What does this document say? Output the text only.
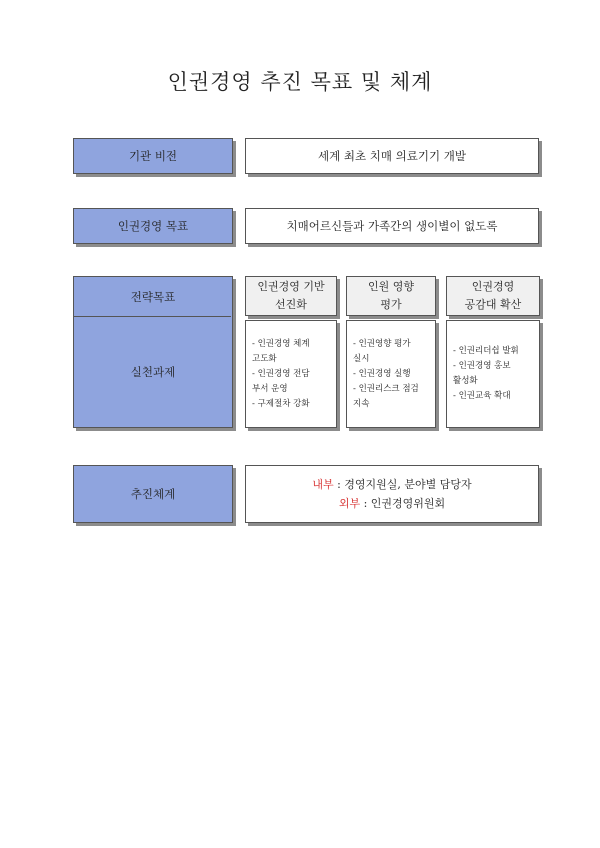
인권경영 추진 목표 및 체계
기관 비전	세계 최초 치매 의료기기 개발
인권경영 목표	치매어르신들과 가족간의 생이별이 없도록
전략목표
실천과제
인권경영 기반
선진화
- 인권경영 체계
고도화
- 인권경영 전담
부서 운영
- 구제절차 강화
인원 영향
평가
- 인권영향 평가
실시
- 인권경영 실행
- 인권리스크 점검
지속
인권경영
공감대 확산
- 인권리더쉽 발휘
- 인권경영 홍보
활성화
- 인권교육 확대
추진체계
내부 : 경영지원실, 분야별 담당자
외부 : 인권경영위원회
